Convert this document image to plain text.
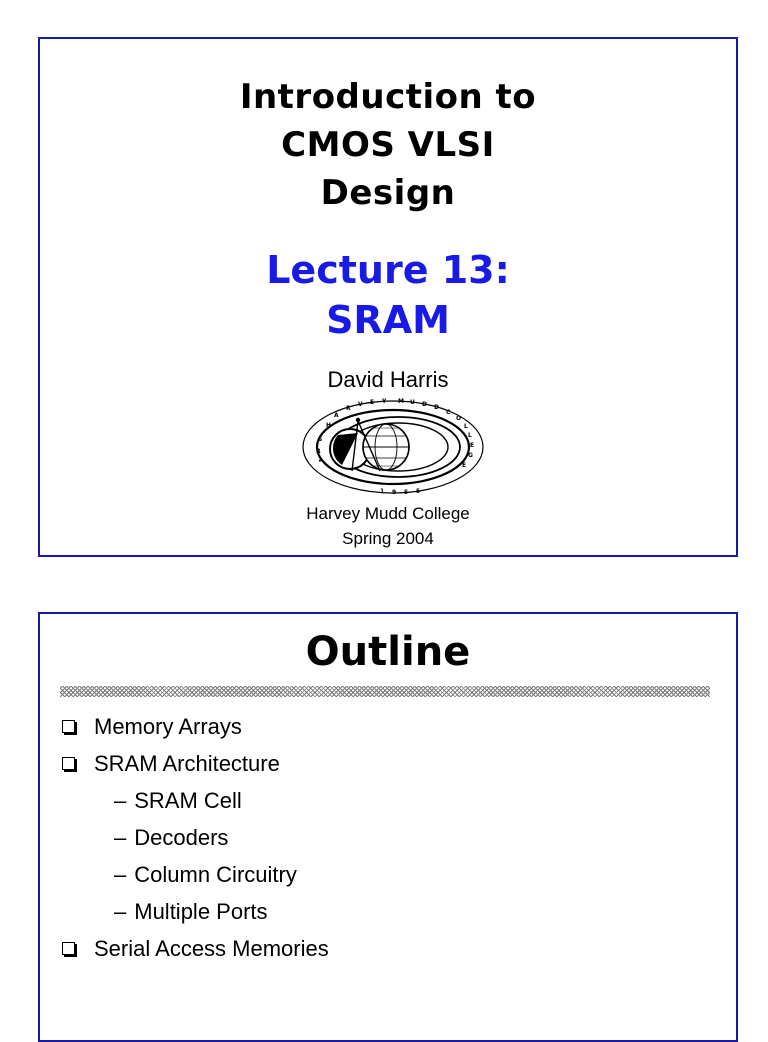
Introduction to
CMOS VLSI
Design
Lecture 13:
SRAM
David Harris
H
A
R
V E Y M U D D
C
O
L
L
E
G
E
S
R
•
1 9 5 5
Harvey Mudd College
Spring 2004
Outline
Memory Arrays
SRAM Architecture
– SRAM Cell
– Decoders
– Column Circuitry
– Multiple Ports
Serial Access Memories
